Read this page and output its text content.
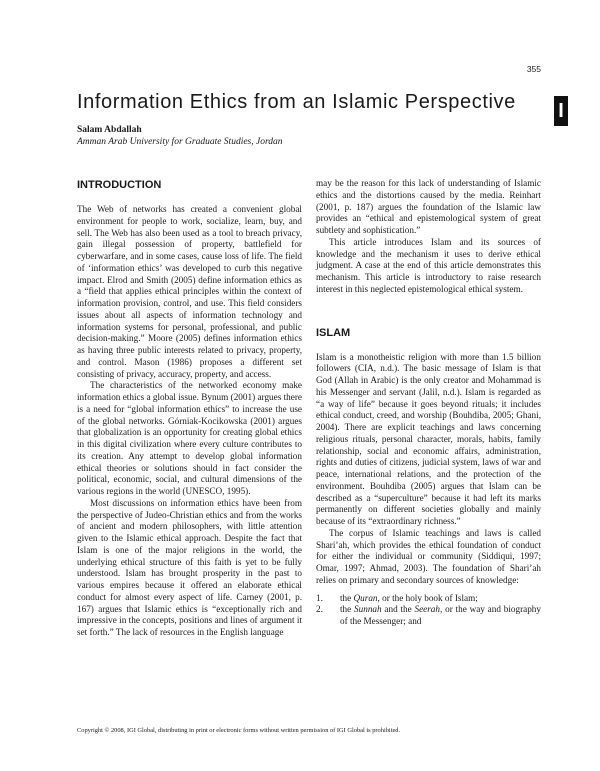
355
I
Information Ethics from an Islamic Perspective
Salam Abdallah
Amman Arab University for Graduate Studies, Jordan
INTRODUCTION

The Web of networks has created a convenient global environment for people to work, socialize, learn, buy, and sell. The Web has also been used as a tool to breach privacy, gain illegal possession of property, battlefield for cyberwarfare, and in some cases, cause loss of life. The field of ‘information ethics’ was developed to curb this negative impact. Elrod and Smith (2005) define information ethics as a “field that applies ethical principles within the context of information provision, control, and use. This field considers issues about all aspects of information technology and information systems for personal, professional, and public decision-making.” Moore (2005) defines information ethics as having three public interests related to privacy, property, and control. Mason (1986) proposes a different set consisting of privacy, accuracy, property, and access.

The characteristics of the networked economy make information ethics a global issue. Bynum (2001) argues there is a need for “global information ethics” to increase the use of the global networks. Górniak-Kocikowska (2001) argues that globalization is an opportunity for creating global ethics in this digital civilization where every culture contributes to its creation. Any attempt to develop global information ethical theories or solutions should in fact consider the political, economic, social, and cultural dimensions of the various regions in the world (UNESCO, 1995).

Most discussions on information ethics have been from the perspective of Judeo-Christian ethics and from the works of ancient and modern philosophers, with little attention given to the Islamic ethical approach. Despite the fact that Islam is one of the major religions in the world, the underlying ethical structure of this faith is yet to be fully understood. Islam has brought prosperity in the past to various empires because it offered an elaborate ethical conduct for almost every aspect of life. Carney (2001, p. 167) argues that Islamic ethics is “exceptionally rich and impressive in the concepts, positions and lines of argument it set forth.” The lack of resources in the English language

may be the reason for this lack of understanding of Islamic ethics and the distortions caused by the media. Reinhart (2001, p. 187) argues the foundation of the Islamic law provides an “ethical and epistemological system of great subtlety and sophistication.”

This article introduces Islam and its sources of knowledge and the mechanism it uses to derive ethical judgment. A case at the end of this article demonstrates this mechanism. This article is introductory to raise research interest in this neglected epistemological ethical system.

ISLAM

Islam is a monotheistic religion with more than 1.5 billion followers (CIA, n.d.). The basic message of Islam is that God (Allah in Arabic) is the only creator and Mohammad is his Messenger and servant (Jalil, n.d.). Islam is regarded as “a way of life” because it goes beyond rituals; it includes ethical conduct, creed, and worship (Bouhdiba, 2005; Ghani, 2004). There are explicit teachings and laws concerning religious rituals, personal character, morals, habits, family relationship, social and economic affairs, administration, rights and duties of citizens, judicial system, laws of war and peace, international relations, and the protection of the environment. Bouhdiba (2005) argues that Islam can be described as a “superculture” because it had left its marks permanently on different societies globally and mainly because of its “extraordinary richness.”

The corpus of Islamic teachings and laws is called Shari’ah, which provides the ethical foundation of conduct for either the individual or community (Siddiqui, 1997; Omar, 1997; Ahmad, 2003). The foundation of Shari’ah relies on primary and secondary sources of knowledge:

1.	the Quran, or the holy book of Islam;
2.	the Sunnah and the Seerah, or the way and biography of the Messenger; and
Copyright © 2008, IGI Global, distributing in print or electronic forms without written permission of IGI Global is prohibited.
